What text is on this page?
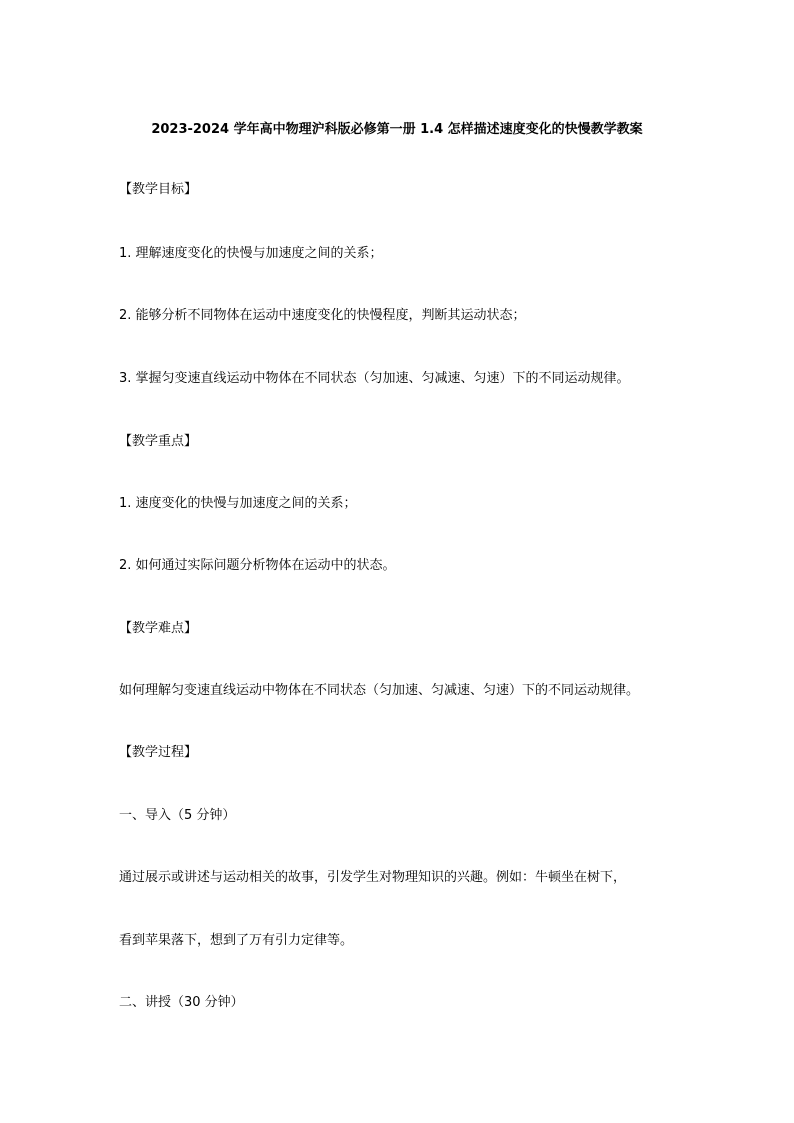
2023-2024 学年高中物理沪科版必修第一册 1.4 怎样描述速度变化的快慢教学教案
【教学目标】
1. 理解速度变化的快慢与加速度之间的关系；
2. 能够分析不同物体在运动中速度变化的快慢程度，判断其运动状态；
3. 掌握匀变速直线运动中物体在不同状态（匀加速、匀减速、匀速）下的不同运动规律。
【教学重点】
1. 速度变化的快慢与加速度之间的关系；
2. 如何通过实际问题分析物体在运动中的状态。
【教学难点】
如何理解匀变速直线运动中物体在不同状态（匀加速、匀减速、匀速）下的不同运动规律。
【教学过程】
一、导入（5 分钟）
通过展示或讲述与运动相关的故事，引发学生对物理知识的兴趣。例如：牛顿坐在树下，
看到苹果落下，想到了万有引力定律等。
二、讲授（30 分钟）
